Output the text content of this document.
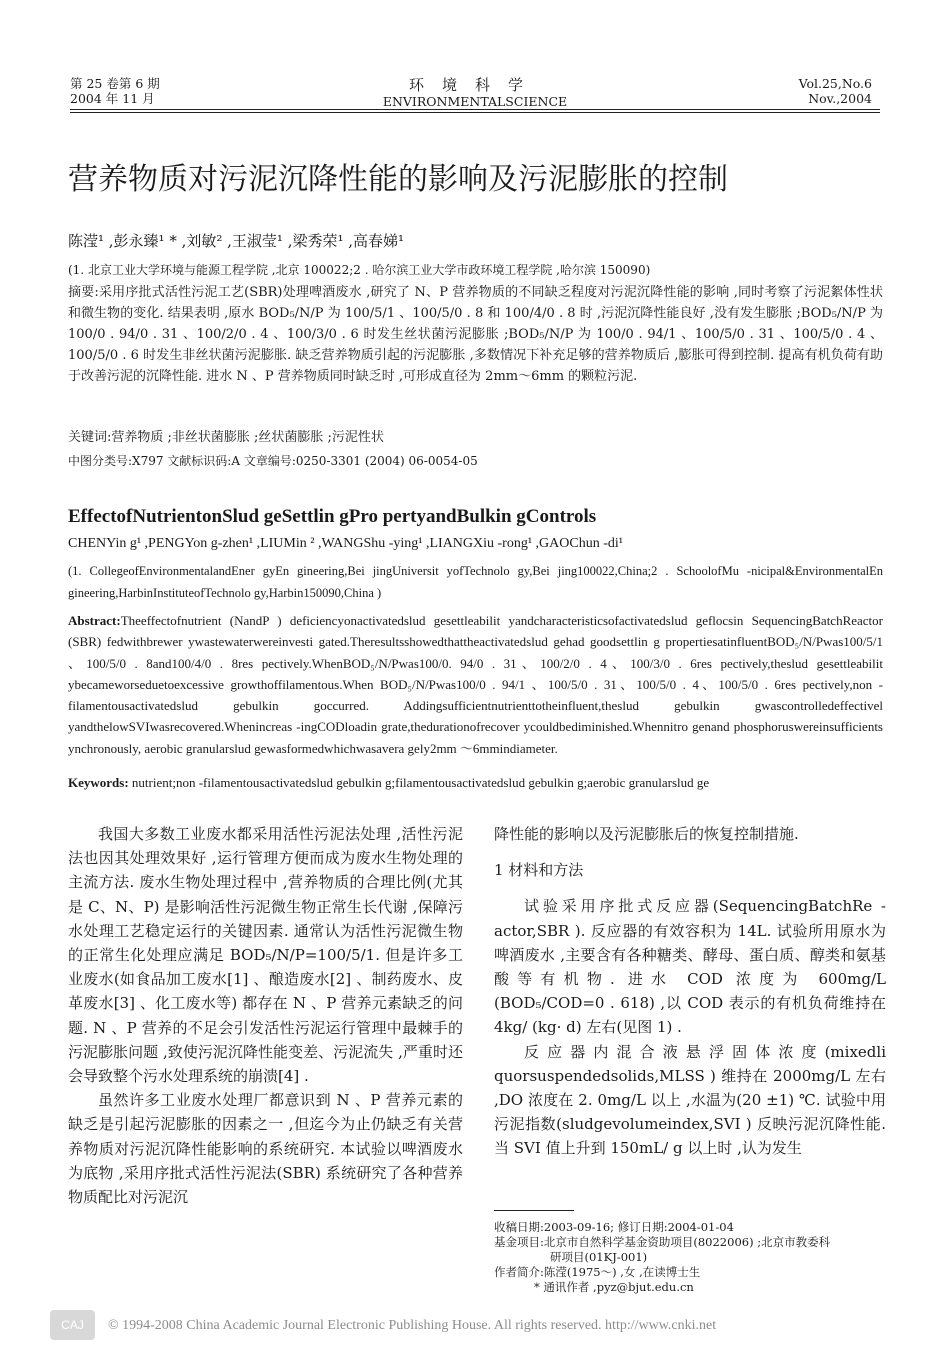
第 25 卷第 6 期
2004 年 11 月
环境科学
ENVIRONMENTALSCIENCE
Vol.25,No.6
Nov.,2004
营养物质对污泥沉降性能的影响及污泥膨胀的控制
陈滢¹ ,彭永臻¹ * ,刘敏² ,王淑莹¹ ,梁秀荣¹ ,高春娣¹
(1. 北京工业大学环境与能源工程学院 ,北京 100022;2 . 哈尔滨工业大学市政环境工程学院 ,哈尔滨 150090)
摘要:采用序批式活性污泥工艺(SBR)处理啤酒废水 ,研究了 N、P 营养物质的不同缺乏程度对污泥沉降性能的影响 ,同时考察了污泥絮体性状和微生物的变化. 结果表明 ,原水 BOD₅/N/P 为 100/5/1 、100/5/0 . 8 和 100/4/0 . 8 时 ,污泥沉降性能良好 ,没有发生膨胀 ;BOD₅/N/P 为 100/0 . 94/0 . 31 、100/2/0 . 4 、100/3/0 . 6 时发生丝状菌污泥膨胀 ;BOD₅/N/P 为 100/0 . 94/1 、100/5/0 . 31 、100/5/0 . 4 、100/5/0 . 6 时发生非丝状菌污泥膨胀. 缺乏营养物质引起的污泥膨胀 ,多数情况下补充足够的营养物质后 ,膨胀可得到控制. 提高有机负荷有助于改善污泥的沉降性能. 进水 N 、P 营养物质同时缺乏时 ,可形成直径为 2mm～6mm 的颗粒污泥.
关键词:营养物质 ;非丝状菌膨胀 ;丝状菌膨胀 ;污泥性状
中图分类号:X797 文献标识码:A 文章编号:0250-3301 (2004) 06-0054-05
EffectofNutrientonSlud geSettlin gPro pertyandBulkin gControls
CHENYin g¹ ,PENGYon g-zhen¹ ,LIUMin ² ,WANGShu -ying¹ ,LIANGXiu -rong¹ ,GAOChun -di¹
(1. CollegeofEnvironmentalandEner gyEn gineering,Bei jingUniversit yofTechnolo gy,Bei jing100022,China;2 . SchoolofMu -nicipal&EnvironmentalEn gineering,HarbinInstituteofTechnolo gy,Harbin150090,China )
Abstract:Theeffectofnutrient (NandP ) deficiencyonactivatedslud gesettleabilit yandcharacteristicsofactivatedslud geflocsin SequencingBatchReactor (SBR) fedwithbrewer ywastewaterwereinvesti gated.Theresultsshowedthattheactivatedslud gehad goodsettlin g propertiesatinfluentBOD₅/N/Pwas100/5/1 、100/5/0 . 8and100/4/0 . 8res pectively.WhenBOD₅/N/Pwas100/0. 94/0 . 31、100/2/0 . 4、100/3/0 . 6res pectively,theslud gesettleabilit ybecameworseduetoexcessive growthoffilamentous.When BOD₅/N/Pwas100/0 . 94/1 、100/5/0 . 31、100/5/0 . 4、100/5/0 . 6res pectively,non -filamentousactivatedslud gebulkin goccurred. Addingsufficientnutrienttotheinfluent,theslud gebulkin gwascontrolledeffectivel yandthelowSVIwasrecovered.Whenincreas -ingCODloadin grate,thedurationofrecover ycouldbediminished.Whennitro genand phosphoruswereinsufficients ynchronously, aerobic granularslud gewasformedwhichwasavera gely2mm ～6mmindiameter.
Keywords: nutrient;non -filamentousactivatedslud gebulkin g;filamentousactivatedslud gebulkin g;aerobic granularslud ge

我国大多数工业废水都采用活性污泥法处理 ,活性污泥法也因其处理效果好 ,运行管理方便而成为废水生物处理的主流方法. 废水生物处理过程中 ,营养物质的合理比例(尤其是 C、N、P) 是影响活性污泥微生物正常生长代谢 ,保障污水处理工艺稳定运行的关键因素. 通常认为活性污泥微生物的正常生化处理应满足 BOD₅/N/P=100/5/1. 但是许多工业废水(如食品加工废水[1] 、酿造废水[2] 、制药废水、皮革废水[3] 、化工废水等) 都存在 N 、P 营养元素缺乏的问题. N 、P 营养的不足会引发活性污泥运行管理中最棘手的污泥膨胀问题 ,致使污泥沉降性能变差、污泥流失 ,严重时还会导致整个污水处理系统的崩溃[4] .

虽然许多工业废水处理厂都意识到 N 、P 营养元素的缺乏是引起污泥膨胀的因素之一 ,但迄今为止仍缺乏有关营养物质对污泥沉降性能影响的系统研究. 本试验以啤酒废水为底物 ,采用序批式活性污泥法(SBR) 系统研究了各种营养物质配比对污泥沉

降性能的影响以及污泥膨胀后的恢复控制措施.
1 材料和方法

试验采用序批式反应器(SequencingBatchRe -actor,SBR ). 反应器的有效容积为 14L. 试验所用原水为啤酒废水 ,主要含有各种糖类、酵母、蛋白质、醇类和氨基酸等有机物. 进水 COD 浓度为 600mg/L (BOD₅/COD=0 . 618) ,以 COD 表示的有机负荷维持在 4kg/ (kg· d) 左右(见图 1) .

反应器内混合液悬浮固体浓度(mixedli quorsuspendedsolids,MLSS ) 维持在 2000mg/L 左右 ,DO 浓度在 2. 0mg/L 以上 ,水温为(20 ±1) ℃. 试验中用污泥指数(sludgevolumeindex,SVI ) 反映污泥沉降性能. 当 SVI 值上升到 150mL/ g 以上时 ,认为发生

收稿日期:2003-09-16; 修订日期:2004-01-04
基金项目:北京市自然科学基金资助项目(8022006) ;北京市教委科
研项目(01KJ-001)
作者简介:陈滢(1975～) ,女 ,在读博士生
* 通讯作者 ,pyz@bjut.edu.cn
CAJ	© 1994-2008 China Academic Journal Electronic Publishing House. All rights reserved. http://www.cnki.net
